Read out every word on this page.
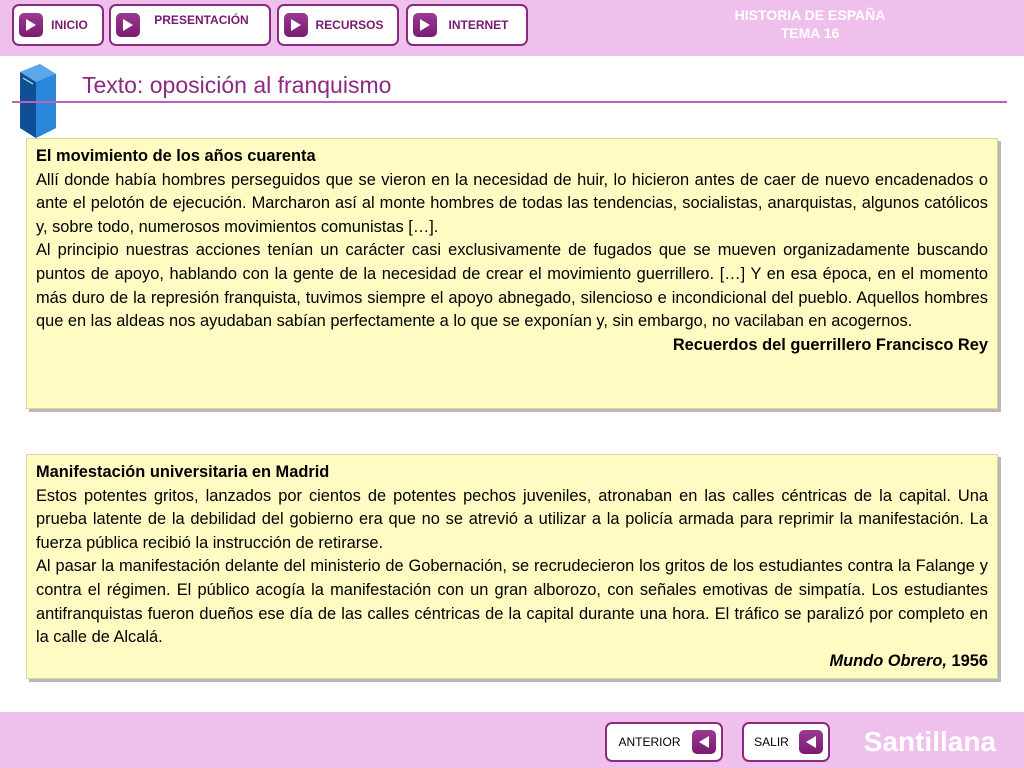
INICIO	PRESENTACIÓN	RECURSOS	INTERNET
HISTORIA DE ESPAÑA
TEMA 16
Texto: oposición al franquismo
El movimiento de los años cuarenta
Allí donde había hombres perseguidos que se vieron en la necesidad de huir, lo hicieron antes de caer de nuevo encadenados o ante el pelotón de ejecución. Marcharon así al monte hombres de todas las tendencias, socialistas, anarquistas, algunos católicos y, sobre todo, numerosos movimientos comunistas […].
Al principio nuestras acciones tenían un carácter casi exclusivamente de fugados que se mueven organizadamente buscando puntos de apoyo, hablando con la gente de la necesidad de crear el movimiento guerrillero. […] Y en esa época, en el momento más duro de la represión franquista, tuvimos siempre el apoyo abnegado, silencioso e incondicional del pueblo. Aquellos hombres que en las aldeas nos ayudaban sabían perfectamente a lo que se exponían y, sin embargo, no vacilaban en acogernos.
Recuerdos del guerrillero Francisco Rey
Manifestación universitaria en Madrid
Estos potentes gritos, lanzados por cientos de potentes pechos juveniles, atronaban en las calles céntricas de la capital. Una prueba latente de la debilidad del gobierno era que no se atrevió a utilizar a la policía armada para reprimir la manifestación. La fuerza pública recibió la instrucción de retirarse.
Al pasar la manifestación delante del ministerio de Gobernación, se recrudecieron los gritos de los estudiantes contra la Falange y contra el régimen. El público acogía la manifestación con un gran alborozo, con señales emotivas de simpatía. Los estudiantes antifranquistas fueron dueños ese día de las calles céntricas de la capital durante una hora. El tráfico se paralizó por completo en la calle de Alcalá.
Mundo Obrero, 1956
ANTERIOR	SALIR	Santillana
